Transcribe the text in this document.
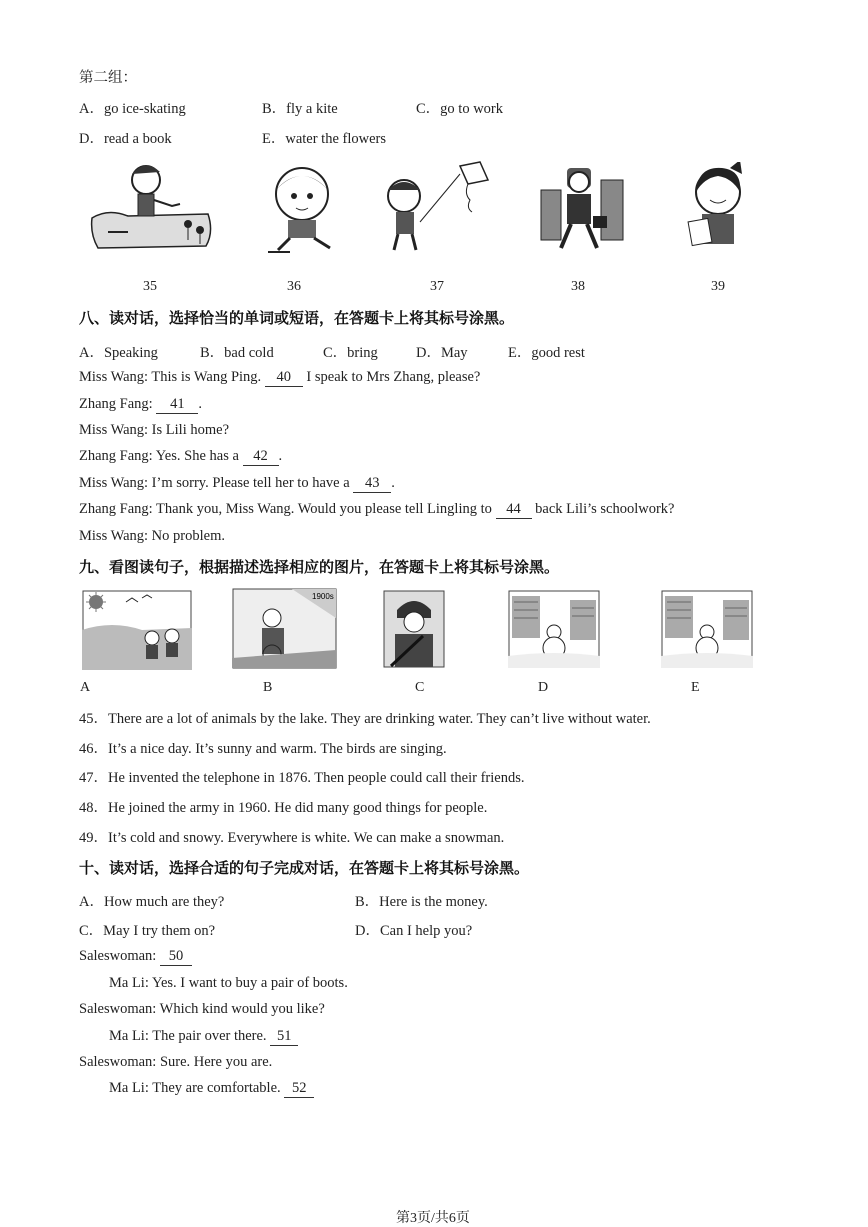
第二组：
A．go ice-skating	B．fly a kite	C．go to work
D．read a book	E．water the flowers
35	36	37	38	39
八、读对话，选择恰当的单词或短语，在答题卡上将其标号涂黑。
A．Speaking	B．bad cold	C．bring	D．May	E．good rest
Miss Wang: This is Wang Ping. 40 I speak to Mrs Zhang, please?
Zhang Fang: 41 .
Miss Wang: Is Lili home?
Zhang Fang: Yes. She has a 42 .
Miss Wang: I’m sorry. Please tell her to have a 43 .
Zhang Fang: Thank you, Miss Wang. Would you please tell Lingling to 44 back Lili’s schoolwork?
Miss Wang: No problem.
九、看图读句子，根据描述选择相应的图片，在答题卡上将其标号涂黑。
1900s
A	B	C	D	E
45．There are a lot of animals by the lake. They are drinking water. They can’t live without water.
46．It’s a nice day. It’s sunny and warm. The birds are singing.
47．He invented the telephone in 1876. Then people could call their friends.
48．He joined the army in 1960. He did many good things for people.
49．It’s cold and snowy. Everywhere is white. We can make a snowman.
十、读对话，选择合适的句子完成对话，在答题卡上将其标号涂黑。
A．How much are they?	B．Here is the money.
C．May I try them on?	D．Can I help you?
Saleswoman: 50
Ma Li: Yes. I want to buy a pair of boots.
Saleswoman: Which kind would you like?
Ma Li: The pair over there. 51
Saleswoman: Sure. Here you are.
Ma Li: They are comfortable. 52
第3页/共6页
